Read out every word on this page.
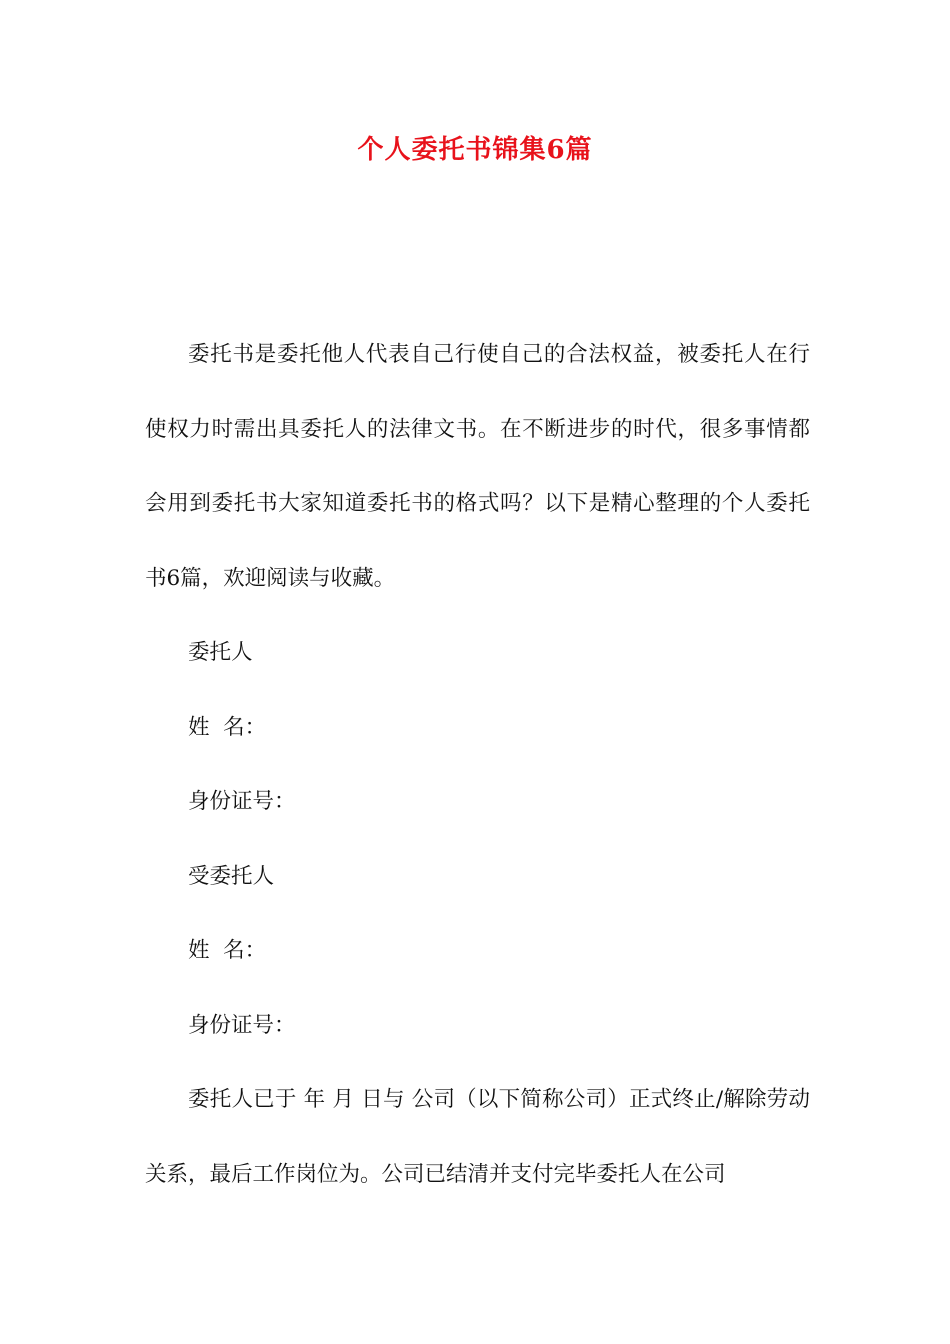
个人委托书锦集6篇

委托书是委托他人代表自己行使自己的合法权益，被委托人在行使权力时需出具委托人的法律文书。在不断进步的时代，很多事情都会用到委托书大家知道委托书的格式吗？以下是精心整理的个人委托书6篇，欢迎阅读与收藏。

委托人

姓  名：

身份证号：

受委托人

姓  名：

身份证号：

委托人已于 年 月 日与 公司（以下简称公司）正式终止/解除劳动关系，最后工作岗位为。公司已结清并支付完毕委托人在公司
